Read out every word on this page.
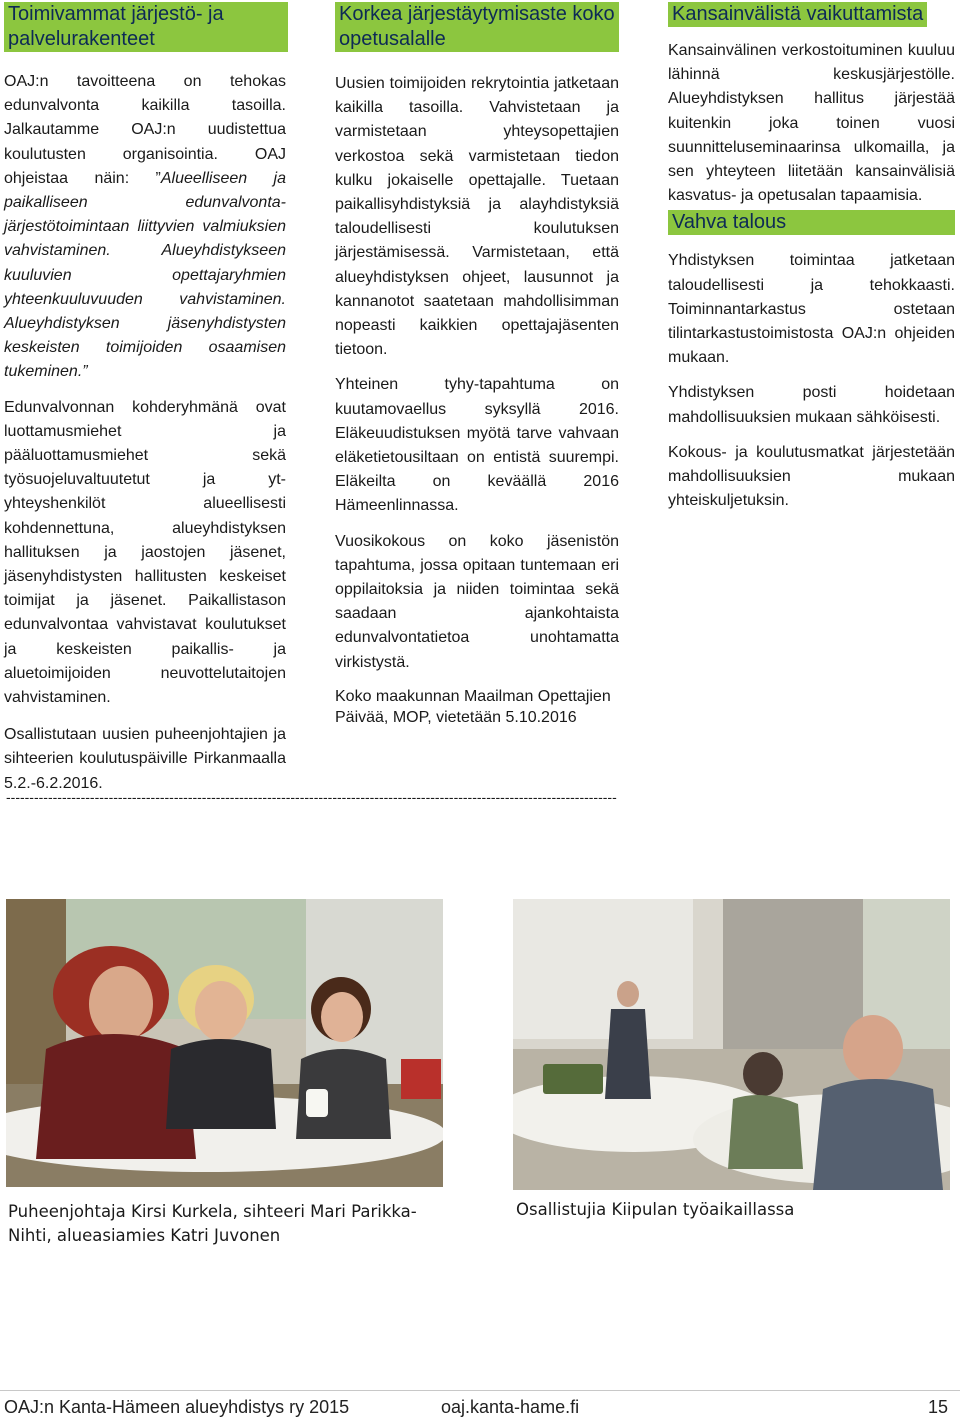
Toimivammat järjestö- ja palvelurakenteet

OAJ:n tavoitteena on tehokas edunvalvonta kaikilla tasoilla. Jalkautamme OAJ:n uudistettua koulutusten organisointia. OAJ ohjeistaa näin: ”Alueelliseen ja paikalliseen edunvalvonta- järjestötoimintaan liittyvien valmiuksien vahvistaminen. Alueyhdistykseen kuuluvien opettajaryhmien yhteenkuuluvuuden vahvistaminen. Alueyhdistyksen jäsenyhdistysten keskeisten toimijoiden osaamisen tukeminen.”

Edunvalvonnan kohderyhmänä ovat luottamusmiehet ja pääluottamusmiehet sekä työsuojeluvaltuutetut ja yt-yhteyshenkilöt alueellisesti kohdennettuna, alueyhdistyksen hallituksen ja jaostojen jäsenet, jäsenyhdistysten hallitusten keskeiset toimijat ja jäsenet. Paikallistason edunvalvontaa vahvistavat koulutukset ja keskeisten paikallis- ja aluetoimijoiden neuvottelutaitojen vahvistaminen.

Osallistutaan uusien puheenjohtajien ja sihteerien koulutuspäiville Pirkanmaalla 5.2.-6.2.2016.

Korkea järjestäytymisaste koko opetusalalle

Uusien toimijoiden rekrytointia jatketaan kaikilla tasoilla. Vahvistetaan ja varmistetaan yhteysopettajien verkostoa sekä varmistetaan tiedon kulku jokaiselle opettajalle. Tuetaan paikallisyhdistyksiä ja alayhdistyksiä taloudellisesti koulutuksen järjestämisessä. Varmistetaan, että alueyhdistyksen ohjeet, lausunnot ja kannanotot saatetaan mahdollisimman nopeasti kaikkien opettajajäsenten tietoon.

Yhteinen tyhy-tapahtuma on kuutamovaellus syksyllä 2016. Eläkeuudistuksen myötä tarve vahvaan eläketietousiltaan on entistä suurempi. Eläkeilta on keväällä 2016 Hämeenlinnassa.

Vuosikokous on koko jäsenistön tapahtuma, jossa opitaan tuntemaan eri oppilaitoksia ja niiden toimintaa sekä saadaan ajankohtaista edunvalvontatietoa unohtamatta virkistystä.

Koko maakunnan Maailman Opettajien Päivää, MOP, vietetään 5.10.2016

Kansainvälistä vaikuttamista

Kansainvälinen verkostoituminen kuuluu lähinnä keskusjärjestölle. Alueyhdistyksen hallitus järjestää kuitenkin joka toinen vuosi suunnitteluseminaarinsa ulkomailla, ja sen yhteyteen liitetään kansainvälisiä kasvatus- ja opetusalan tapaamisia.

Vahva talous

Yhdistyksen toimintaa jatketaan taloudellisesti ja tehokkaasti. Toiminnantarkastus ostetaan tilintarkastustoimistosta OAJ:n ohjeiden mukaan.

Yhdistyksen posti hoidetaan mahdollisuuksien mukaan sähköisesti.

Kokous- ja koulutusmatkat järjestetään mahdollisuuksien mukaan yhteiskuljetuksin.

-----------------------------------------------------------------------------------------------------------------------------------
Puheenjohtaja Kirsi Kurkela, sihteeri Mari Parikka-Nihti, alueasiamies Katri Juvonen
Osallistujia Kiipulan työaikaillassa
OAJ:n Kanta-Hämeen alueyhdistys ry 2015	oaj.kanta-hame.fi	15
